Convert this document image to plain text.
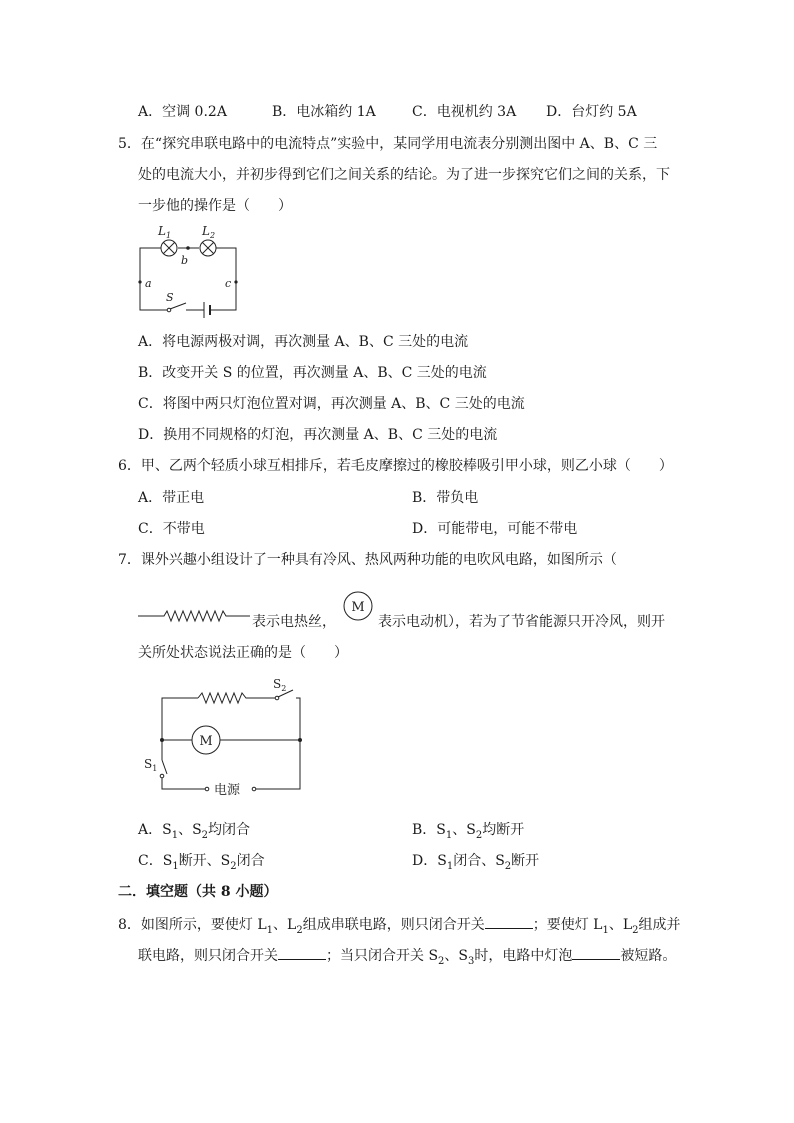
A．空调 0.2A	B．电冰箱约 1A	C．电视机约 3A D．台灯约 5A
5．在“探究串联电路中的电流特点”实验中，某同学用电流表分别测出图中 A、B、C 三
处的电流大小，并初步得到它们之间关系的结论。为了进一步探究它们之间的关系，下
一步他的操作是（　　）
$L_1$	$L_2$
b
a	c
S
A．将电源两极对调，再次测量 A、B、C 三处的电流
B．改变开关 S 的位置，再次测量 A、B、C 三处的电流
C．将图中两只灯泡位置对调，再次测量 A、B、C 三处的电流
D．换用不同规格的灯泡，再次测量 A、B、C 三处的电流
6．甲、乙两个轻质小球互相排斥，若毛皮摩擦过的橡胶棒吸引甲小球，则乙小球（　　）
A．带正电	B．带负电
C．不带电	D．可能带电，可能不带电
7．课外兴趣小组设计了一种具有冷风、热风两种功能的电吹风电路，如图所示（
表示电热丝，
M
表示电动机），若为了节省能源只开冷风，则开
关所处状态说法正确的是（　　）
M
电源
$S_2$
$S_1$
A．$S_1$、$S_2$均闭合	B．$S_1$、$S_2$均断开
C．$S_1$断开、$S_2$闭合	D．$S_1$闭合、$S_2$断开
二．填空题（共 8 小题）
8．如图所示，要使灯 $L_1$、$L_2$组成串联电路，则只闭合开关	；要使灯 $L_1$、$L_2$组成并
联电路，则只闭合开关	；当只闭合开关 $S_2$、$S_3$时，电路中灯泡	被短路。
